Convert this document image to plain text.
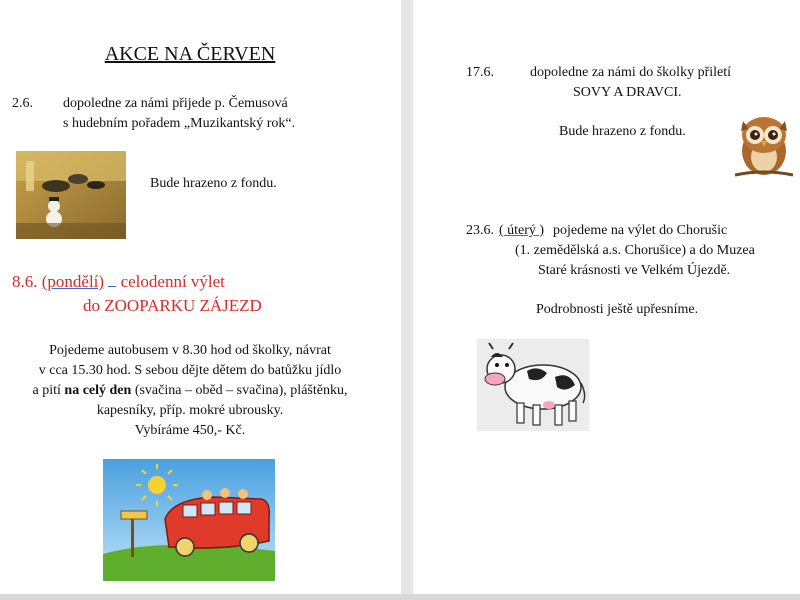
AKCE NA ČERVEN
2.6. dopoledne za námi přijede p. Čemusová
s hudebním pořadem „Muzikantský rok“.
Bude hrazeno z fondu.
8.6. (pondělí) celodenní výlet
do ZOOPARKU ZÁJEZD
Pojedeme autobusem v 8.30 hod od školky, návrat
v cca 15.30 hod. S sebou dějte dětem do batůžku jídlo
a pití na celý den (svačina – oběd – svačina), pláštěnku,
kapesníky, příp. mokré ubrousky.
Vybíráme 450,- Kč.
17.6.	dopoledne za námi do školky přiletí
SOVY A DRAVCI.
Bude hrazeno z fondu.
23.6. ( úterý ) pojedeme na výlet do Chorušic
(1. zemědělská a.s. Chorušice) a do Muzea
Staré krásnosti ve Velkém Újezdě.
Podrobnosti ještě upřesníme.
